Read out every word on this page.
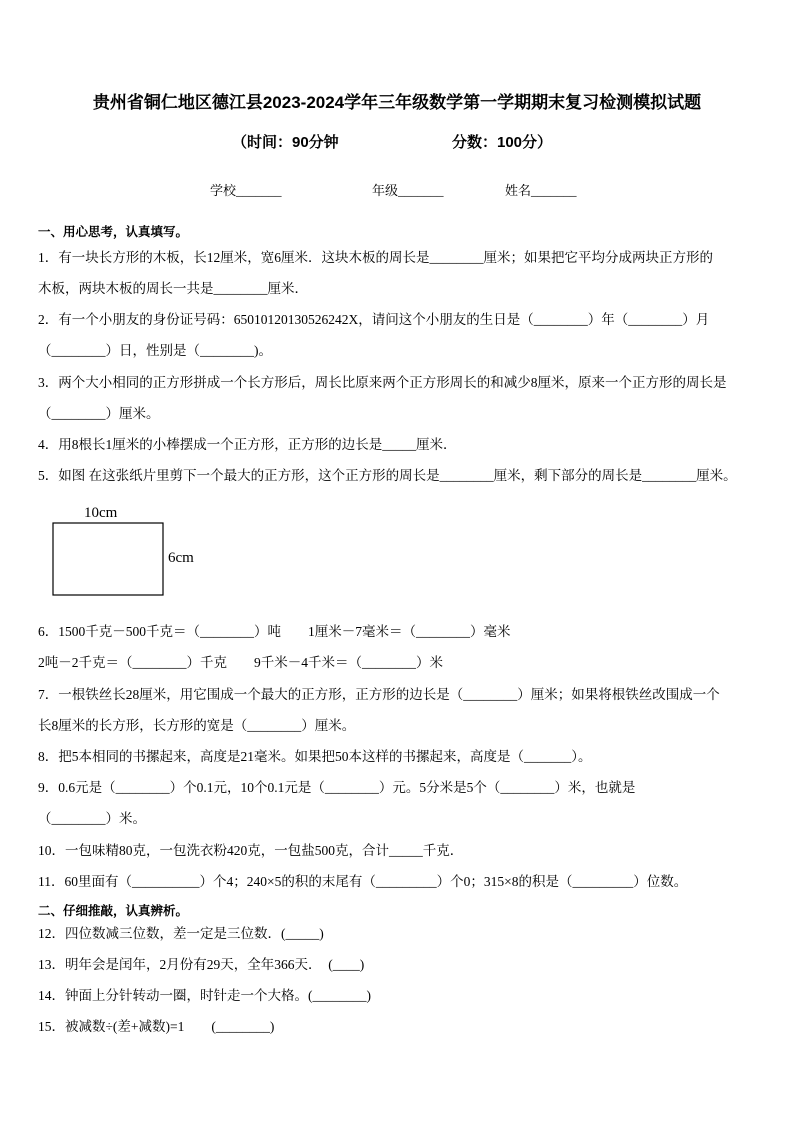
贵州省铜仁地区德江县2023-2024学年三年级数学第一学期期末复习检测模拟试题
（时间：90分钟	分数：100分）
学校_______	年级_______	姓名_______
一、用心思考，认真填写。
1．有一块长方形的木板，长12厘米，宽6厘米．这块木板的周长是________厘米；如果把它平均分成两块正方形的
木板，两块木板的周长一共是________厘米．
2．有一个小朋友的身份证号码：65010120130526242X，请问这个小朋友的生日是（________）年（________）月
（________）日，性别是（________)。
3．两个大小相同的正方形拼成一个长方形后，周长比原来两个正方形周长的和减少8厘米，原来一个正方形的周长是
（________）厘米。
4．用8根长1厘米的小棒摆成一个正方形，正方形的边长是_____厘米．
5．如图 在这张纸片里剪下一个最大的正方形，这个正方形的周长是________厘米，剩下部分的周长是________厘米。
10cm
6cm
6．1500千克－500千克＝（________）吨　　1厘米－7毫米＝（________）毫米
2吨－2千克＝（________）千克　　9千米－4千米＝（________）米
7．一根铁丝长28厘米，用它围成一个最大的正方形，正方形的边长是（________）厘米；如果将根铁丝改围成一个
长8厘米的长方形，长方形的宽是（________）厘米。
8．把5本相同的书摞起来，高度是21毫米。如果把50本这样的书摞起来，高度是（_______）。
9．0.6元是（________）个0.1元，10个0.1元是（________）元。5分米是5个（________）米，也就是
（________）米。
10．一包味精80克，一包洗衣粉420克，一包盐500克，合计_____千克．
11．60里面有（__________）个4；240×5的积的末尾有（_________）个0；315×8的积是（_________）位数。
二、仔细推敲，认真辨析。
12．四位数减三位数，差一定是三位数．(_____)
13．明年会是闰年，2月份有29天，全年366天．　(____)
14．钟面上分针转动一圈，时针走一个大格。(________)
15．被减数÷(差+减数)=1　　(________)
